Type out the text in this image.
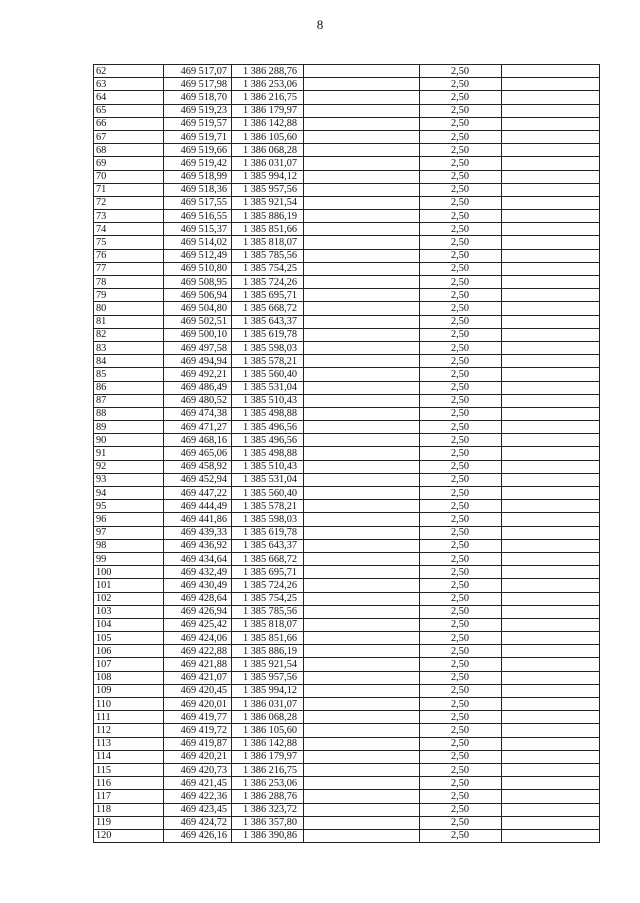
8
62	469 517,07	1 386 288,76		2,50	
63	469 517,98	1 386 253,06		2,50	
64	469 518,70	1 386 216,75		2,50	
65	469 519,23	1 386 179,97		2,50	
66	469 519,57	1 386 142,88		2,50	
67	469 519,71	1 386 105,60		2,50	
68	469 519,66	1 386 068,28		2,50	
69	469 519,42	1 386 031,07		2,50	
70	469 518,99	1 385 994,12		2,50	
71	469 518,36	1 385 957,56		2,50	
72	469 517,55	1 385 921,54		2,50	
73	469 516,55	1 385 886,19		2,50	
74	469 515,37	1 385 851,66		2,50	
75	469 514,02	1 385 818,07		2,50	
76	469 512,49	1 385 785,56		2,50	
77	469 510,80	1 385 754,25		2,50	
78	469 508,95	1 385 724,26		2,50	
79	469 506,94	1 385 695,71		2,50	
80	469 504,80	1 385 668,72		2,50	
81	469 502,51	1 385 643,37		2,50	
82	469 500,10	1 385 619,78		2,50	
83	469 497,58	1 385 598,03		2,50	
84	469 494,94	1 385 578,21		2,50	
85	469 492,21	1 385 560,40		2,50	
86	469 486,49	1 385 531,04		2,50	
87	469 480,52	1 385 510,43		2,50	
88	469 474,38	1 385 498,88		2,50	
89	469 471,27	1 385 496,56		2,50	
90	469 468,16	1 385 496,56		2,50	
91	469 465,06	1 385 498,88		2,50	
92	469 458,92	1 385 510,43		2,50	
93	469 452,94	1 385 531,04		2,50	
94	469 447,22	1 385 560,40		2,50	
95	469 444,49	1 385 578,21		2,50	
96	469 441,86	1 385 598,03		2,50	
97	469 439,33	1 385 619,78		2,50	
98	469 436,92	1 385 643,37		2,50	
99	469 434,64	1 385 668,72		2,50	
100	469 432,49	1 385 695,71		2,50	
101	469 430,49	1 385 724,26		2,50	
102	469 428,64	1 385 754,25		2,50	
103	469 426,94	1 385 785,56		2,50	
104	469 425,42	1 385 818,07		2,50	
105	469 424,06	1 385 851,66		2,50	
106	469 422,88	1 385 886,19		2,50	
107	469 421,88	1 385 921,54		2,50	
108	469 421,07	1 385 957,56		2,50	
109	469 420,45	1 385 994,12		2,50	
110	469 420,01	1 386 031,07		2,50	
111	469 419,77	1 386 068,28		2,50	
112	469 419,72	1 386 105,60		2,50	
113	469 419,87	1 386 142,88		2,50	
114	469 420,21	1 386 179,97		2,50	
115	469 420,73	1 386 216,75		2,50	
116	469 421,45	1 386 253,06		2,50	
117	469 422,36	1 386 288,76		2,50	
118	469 423,45	1 386 323,72		2,50	
119	469 424,72	1 386 357,80		2,50	
120	469 426,16	1 386 390,86		2,50	
